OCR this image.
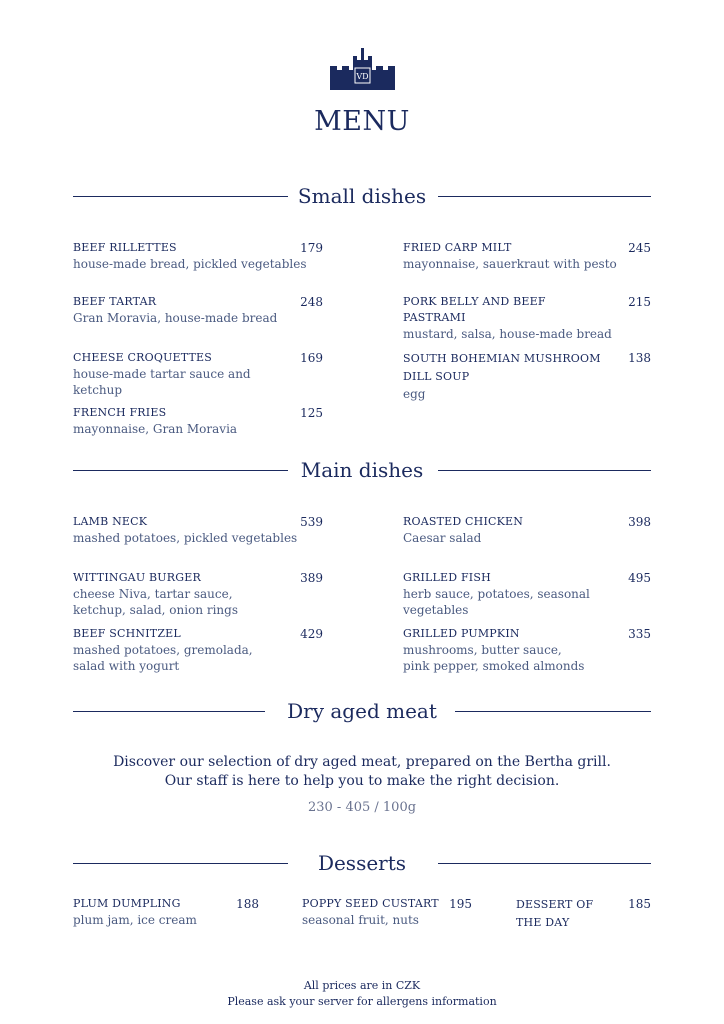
VD
MENU
Small dishes
BEEF RILLETTES
house-made bread, pickled vegetables
179	FRIED CARP MILT
mayonnaise, sauerkraut with pesto
245
BEEF TARTAR
Gran Moravia, house-made bread
248	PORK BELLY AND BEEF PASTRAMI
mustard, salsa, house-made bread
215
CHEESE CROQUETTES
house-made tartar sauce and ketchup
169	SOUTH BOHEMIAN MUSHROOM DILL SOUP
egg
138
FRENCH FRIES
mayonnaise, Gran Moravia
125
Main dishes
LAMB NECK
mashed potatoes, pickled vegetables
539	ROASTED CHICKEN
Caesar salad
398
WITTINGAU BURGER
cheese Niva, tartar sauce, ketchup, salad, onion rings
389	GRILLED FISH
herb sauce, potatoes, seasonal vegetables
495
BEEF SCHNITZEL
mashed potatoes, gremolada, salad with yogurt
429	GRILLED PUMPKIN
mushrooms, butter sauce, pink pepper, smoked almonds
335
Dry aged meat
Discover our selection of dry aged meat, prepared on the Bertha grill.
Our staff is here to help you to make the right decision.
230 - 405 / 100g
Desserts
PLUM DUMPLING
plum jam, ice cream
188	POPPY SEED CUSTART
seasonal fruit, nuts
195	DESSERT OF THE DAY
185
All prices are in CZK
Please ask your server for allergens information
